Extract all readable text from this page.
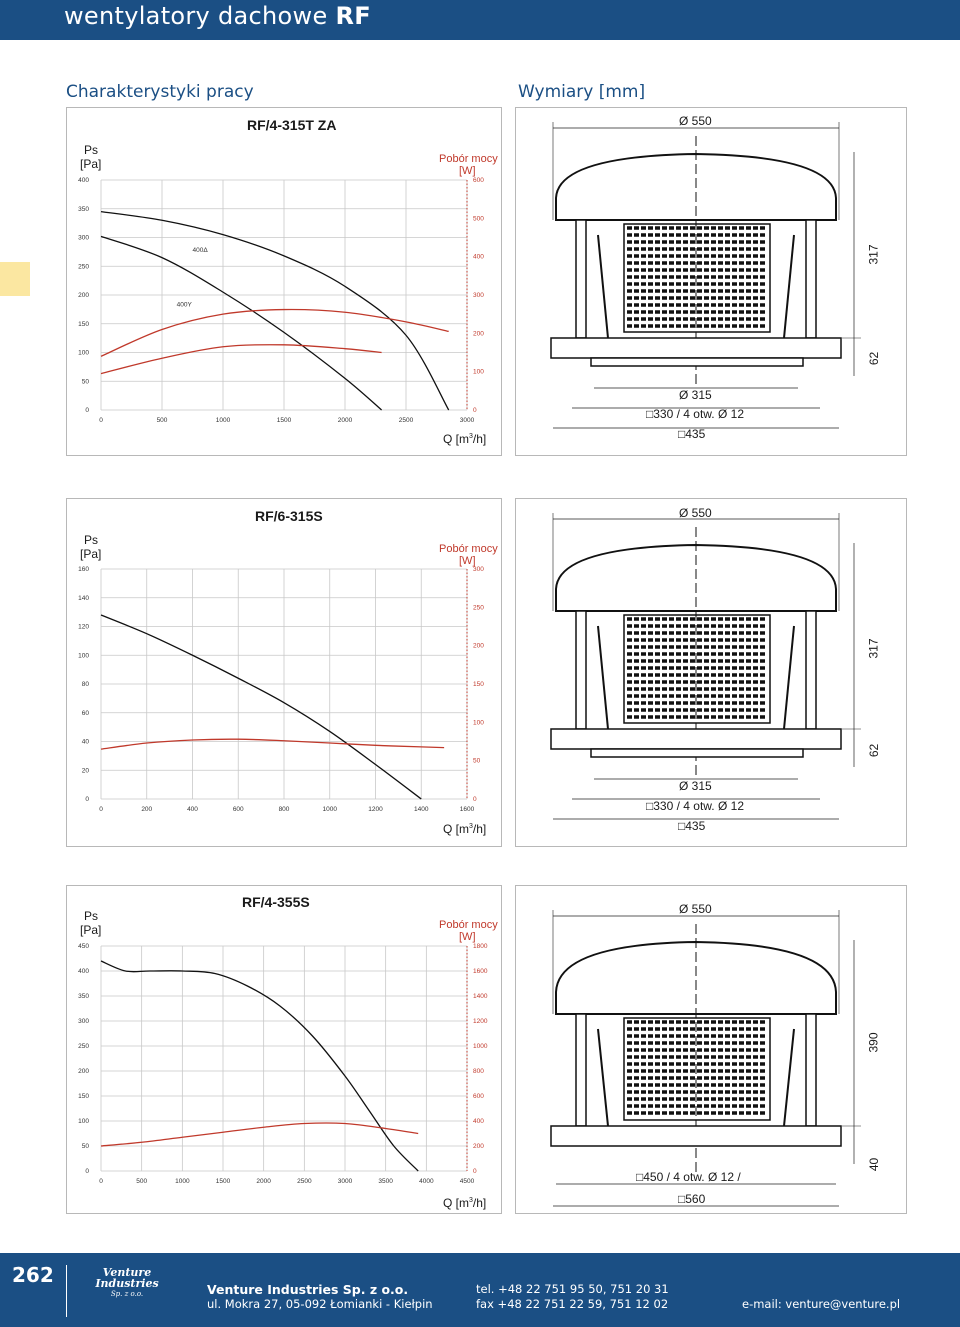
wentylatory dachowe RF
Charakterystyki pracy	Wymiary [mm]
RF/4-315T ZA
Ps
[Pa]	Pobór mocy
[W]
Q $[m^3/h]$
0	500	1000	1500	2000	2500	3000
0
50
100
150
200
250
300
350
400
0
100
200
300
400
500
600
400Δ
400Y
RF/6-315S
Ps
[Pa]	Pobór mocy
[W]
Q $[m^3/h]$
0	200	400	600	800	1000	1200	1400	1600
0
20
40
60
80
100
120
140
160
0
50
100
150
200
250
300
RF/4-355S
Ps
[Pa]	Pobór mocy
[W]
Q $[m^3/h]$
0	500	1000	1500	2000	2500	3000	3500	4000	4500
0
50
100
150
200
250
300
350
400
450
0
200
400
600
800
1000
1200
1400
1600
1800
Ø 550
317
62
Ø 315
□330 / 4 otw. Ø 12
□435
Ø 550
317
62
Ø 315
□330 / 4 otw. Ø 12
□435
Ø 550
390
40
□450 / 4 otw. Ø 12 /
□560
262	Venture
Industries
Sp. z o.o.	Venture Industries Sp. z o.o.
ul. Mokra 27, 05-092 Łomianki - Kiełpin
tel. +48 22 751 95 50, 751 20 31
fax +48 22 751 22 59, 751 12 02	e-mail: venture@venture.pl
